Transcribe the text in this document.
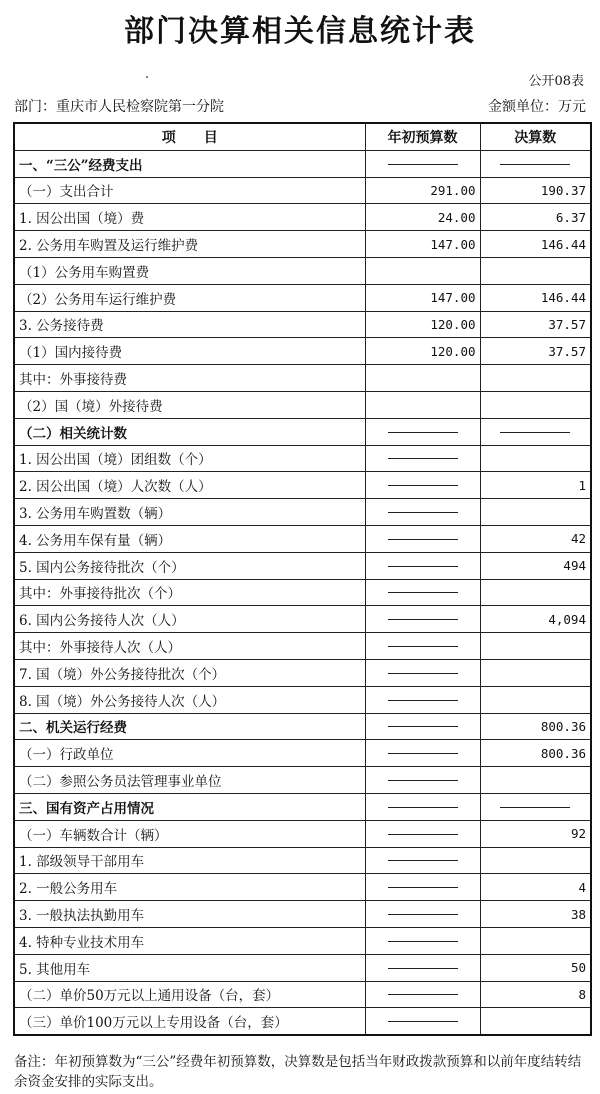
部门决算相关信息统计表
公开08表
部门：重庆市人民检察院第一分院	金额单位：万元
项　　目	年初预算数	决算数
一、“三公”经费支出		
（一）支出合计	291.00	190.37
1. 因公出国（境）费	24.00	6.37
2. 公务用车购置及运行维护费	147.00	146.44
（1）公务用车购置费		
（2）公务用车运行维护费	147.00	146.44
3. 公务接待费	120.00	37.57
（1）国内接待费	120.00	37.57
其中：外事接待费		
（2）国（境）外接待费		
（二）相关统计数		
1. 因公出国（境）团组数（个）		
2. 因公出国（境）人次数（人）		1
3. 公务用车购置数（辆）		
4. 公务用车保有量（辆）		42
5. 国内公务接待批次（个）		494
其中：外事接待批次（个）		
6. 国内公务接待人次（人）		4,094
其中：外事接待人次（人）		
7. 国（境）外公务接待批次（个）		
8. 国（境）外公务接待人次（人）		
二、机关运行经费		800.36
（一）行政单位		800.36
（二）参照公务员法管理事业单位		
三、国有资产占用情况		
（一）车辆数合计（辆）		92
1. 部级领导干部用车		
2. 一般公务用车		4
3. 一般执法执勤用车		38
4. 特种专业技术用车		
5. 其他用车		50
（二）单价50万元以上通用设备（台，套）		8
（三）单价100万元以上专用设备（台，套）		
备注：年初预算数为“三公”经费年初预算数，决算数是包括当年财政拨款预算和以前年度结转结余资金安排的实际支出。
